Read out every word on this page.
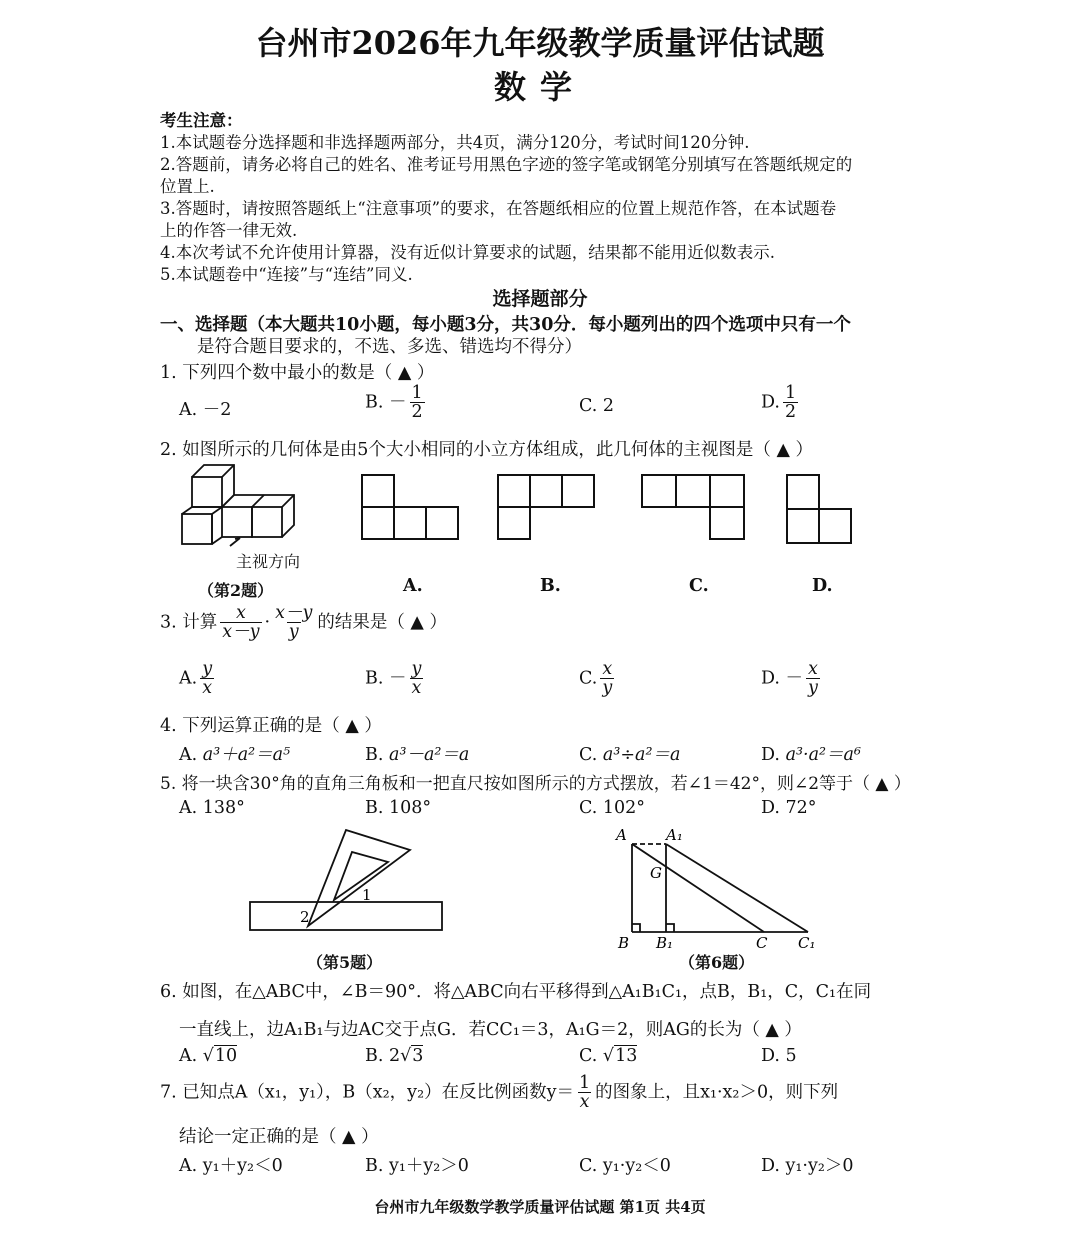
台州市2026年九年级教学质量评估试题
数学
考生注意：
1.本试题卷分选择题和非选择题两部分，共4页，满分120分，考试时间120分钟.
2.答题前，请务必将自己的姓名、准考证号用黑色字迹的签字笔或钢笔分别填写在答题纸规定的
位置上.
3.答题时，请按照答题纸上“注意事项”的要求，在答题纸相应的位置上规范作答，在本试题卷
上的作答一律无效.
4.本次考试不允许使用计算器，没有近似计算要求的试题，结果都不能用近似数表示.
5.本试题卷中“连接”与“连结”同义.
选择题部分
一、选择题（本大题共10小题，每小题3分，共30分．每小题列出的四个选项中只有一个
是符合题目要求的，不选、多选、错选均不得分）
1. 下列四个数中最小的数是（ ▲ ）
A. －2	B. － $\frac{1}{2}$	C. 2	D. $\frac{1}{2}$
2. 如图所示的几何体是由5个大小相同的小立方体组成，此几何体的主视图是（ ▲ ）
主视方向
（第2题）	A.	B.	C.	D.
3. 计算 $\frac{x}{x-y} \cdot \frac{x-y}{y}$ 的结果是（ ▲ ）
A. $\frac{y}{x}$	B. － $\frac{y}{x}$	C. $\frac{x}{y}$	D. － $\frac{x}{y}$
4. 下列运算正确的是（ ▲ ）
A. a³＋a²＝a⁵	B. a³－a²＝a	C. a³÷a²＝a	D. a³·a²＝a⁶
5. 将一块含30°角的直角三角板和一把直尺按如图所示的方式摆放，若∠1＝42°，则∠2等于（ ▲ ）
A. 138°	B. 108°	C. 102°	D. 72°
1
2
（第5题）
A	A₁
G
B B₁	C C₁
（第6题）
6. 如图，在△ABC中，∠B＝90°．将△ABC向右平移得到△A₁B₁C₁，点B，B₁，C，C₁在同
一直线上，边A₁B₁与边AC交于点G．若CC₁＝3，A₁G＝2，则AG的长为（ ▲ ）
A. √10	B. 2√3	C. √13	D. 5
7. 已知点A（x₁，y₁），B（x₂，y₂）在反比例函数$y= \frac{1}{x}$ 的图象上，且x₁·x₂＞0，则下列
结论一定正确的是（ ▲ ）
A. y₁＋y₂＜0	B. y₁＋y₂＞0	C. y₁·y₂＜0	D. y₁·y₂＞0
台州市九年级数学教学质量评估试题 第1页 共4页
